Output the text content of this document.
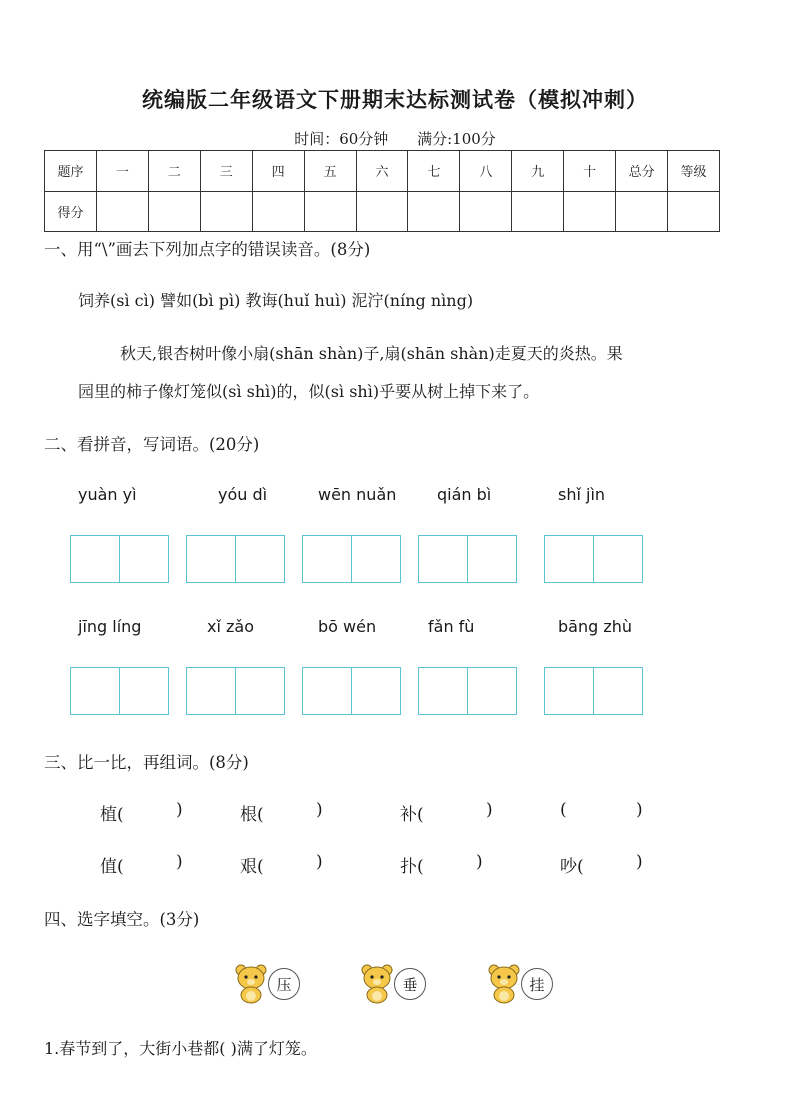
统编版二年级语文下册期末达标测试卷（模拟冲刺）
时间：60分钟 满分:100分
题序	一	二	三	四	五	六	七	八	九	十	总分	等级
得分												
一、用“\”画去下列加点字的错误读音。(8分)
饲养(sì cì) 譬如(bì pì) 教诲(huǐ huì) 泥泞(níng nìng)
秋天,银杏树叶像小扇(shān shàn)子,扇(shān shàn)走夏天的炎热。果
园里的柿子像灯笼似(sì shì)的，似(sì shì)乎要从树上掉下来了。
二、看拼音，写词语。(20分)
yuàn yì	yóu dì	wēn nuǎn	qián bì	shǐ jìn
jīng líng	xǐ zǎo	bō wén	fǎn fù	bāng zhù
三、比一比，再组词。(8分)
植(	)	根(	)	补(	)	(	)
值(	)	艰(	)	扑(	)	吵(	)
四、选字填空。(3分)
压	垂	挂
1.春节到了，大街小巷都( )满了灯笼。
